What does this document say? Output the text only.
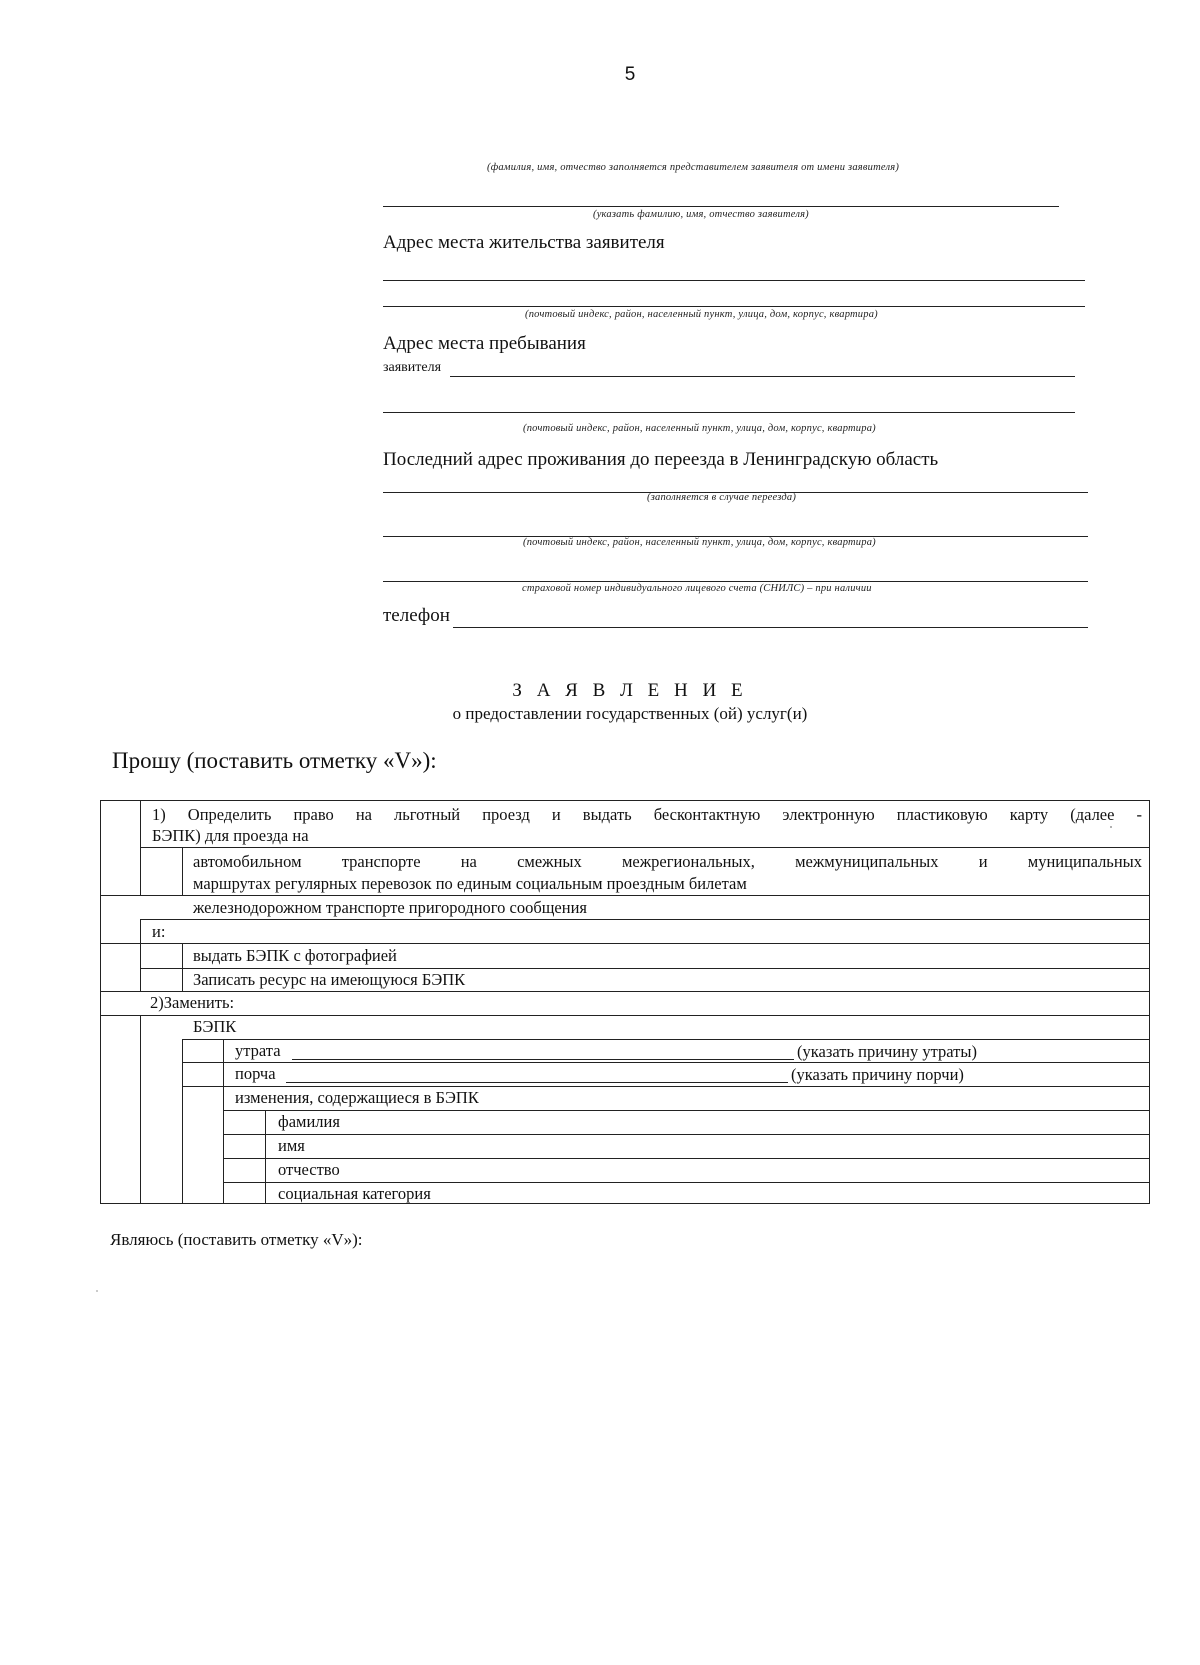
5
(фамилия, имя, отчество заполняется представителем заявителя от имени заявителя)
(указать фамилию, имя, отчество заявителя)
Адрес места жительства заявителя
(почтовый индекс, район, населенный пункт, улица, дом, корпус, квартира)
Адрес места пребывания
заявителя
(почтовый индекс, район, населенный пункт, улица, дом, корпус, квартира)
Последний адрес проживания до переезда в Ленинградскую область
(заполняется в случае переезда)
(почтовый индекс, район, населенный пункт, улица, дом, корпус, квартира)
страховой номер индивидуального лицевого счета (СНИЛС) – при наличии
телефон
З А Я В Л Е Н И Е
о предоставлении государственных (ой) услуг(и)
Прошу (поставить отметку «V»):
1) Определить право на льготный проезд и выдать бесконтактную электронную пластиковую карту (далее -
БЭПК) для проезда на
автомобильном транспорте на смежных межрегиональных, межмуниципальных и муниципальных
маршрутах регулярных перевозок по единым социальным проездным билетам
железнодорожном транспорте пригородного сообщения
и:
выдать БЭПК с фотографией
Записать ресурс на имеющуюся БЭПК
2)Заменить:
БЭПК
утрата	(указать причину утраты)
порча	(указать причину порчи)
изменения, содержащиеся в БЭПК
фамилия
имя
отчество
социальная категория
Являюсь (поставить отметку «V»):
